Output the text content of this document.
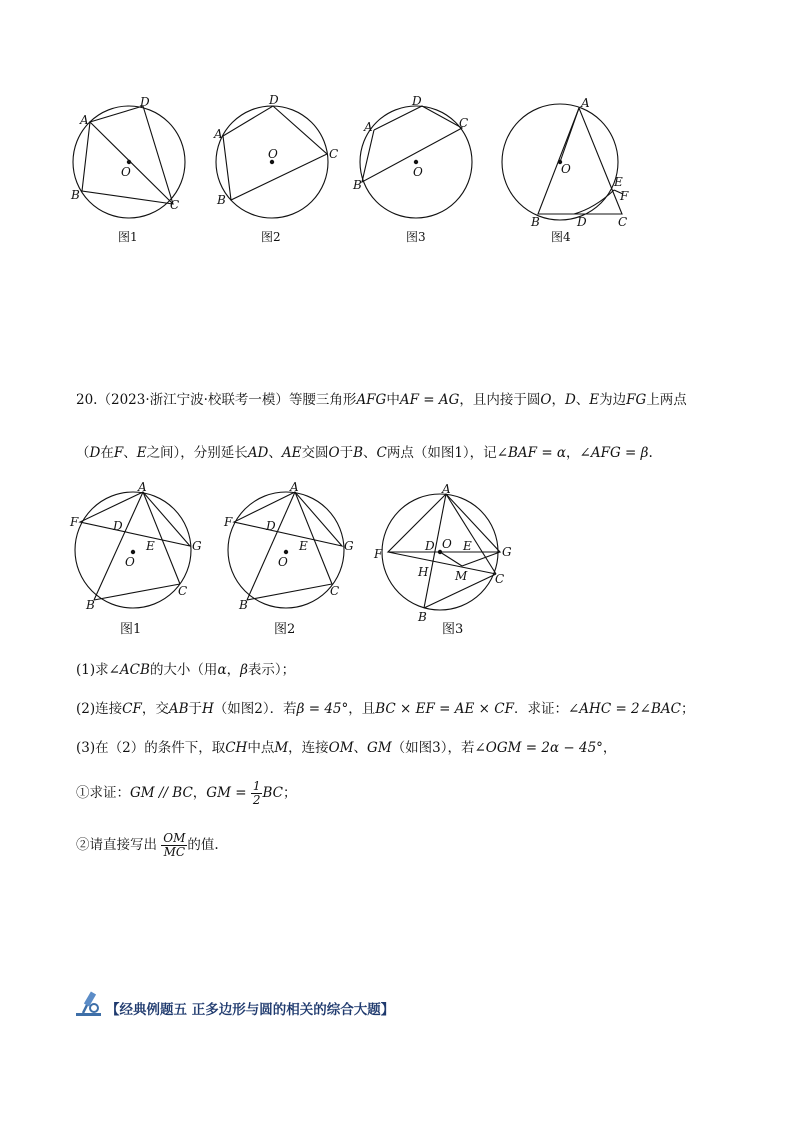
A
D
B
C
O
图1
A
D
C
B
O
图2
A
D
C
B
O
图3
A
O
E
F
B	D	C
图4
20.（2023·浙江宁波·校联考一模）等腰三角形AFG中AF = AG，且内接于圆O，D、E为边FG上两点
（D在F、E之间），分别延长AD、AE交圆O于B、C两点（如图1），记∠BAF = α，∠AFG = β.
A
F	D
E	G
O
B
C
图1
A
F	D
E	G
O
B
C
图2
A
F
D O E	G
H M C
B
图3
(1)求∠ACB的大小（用α，β表示）；
(2)连接CF，交AB于H（如图2）．若β = 45°，且BC × EF = AE × CF．求证：∠AHC = 2∠BAC；
(3)在（2）的条件下，取CH中点M，连接OM、GM（如图3），若∠OGM = 2α − 45°，
①求证：GM // BC，GM = $\frac{1}{2}$ BC；
②请直接写出 $\frac{OM}{MC}$ 的值.
【经典例题五 正多边形与圆的相关的综合大题】
